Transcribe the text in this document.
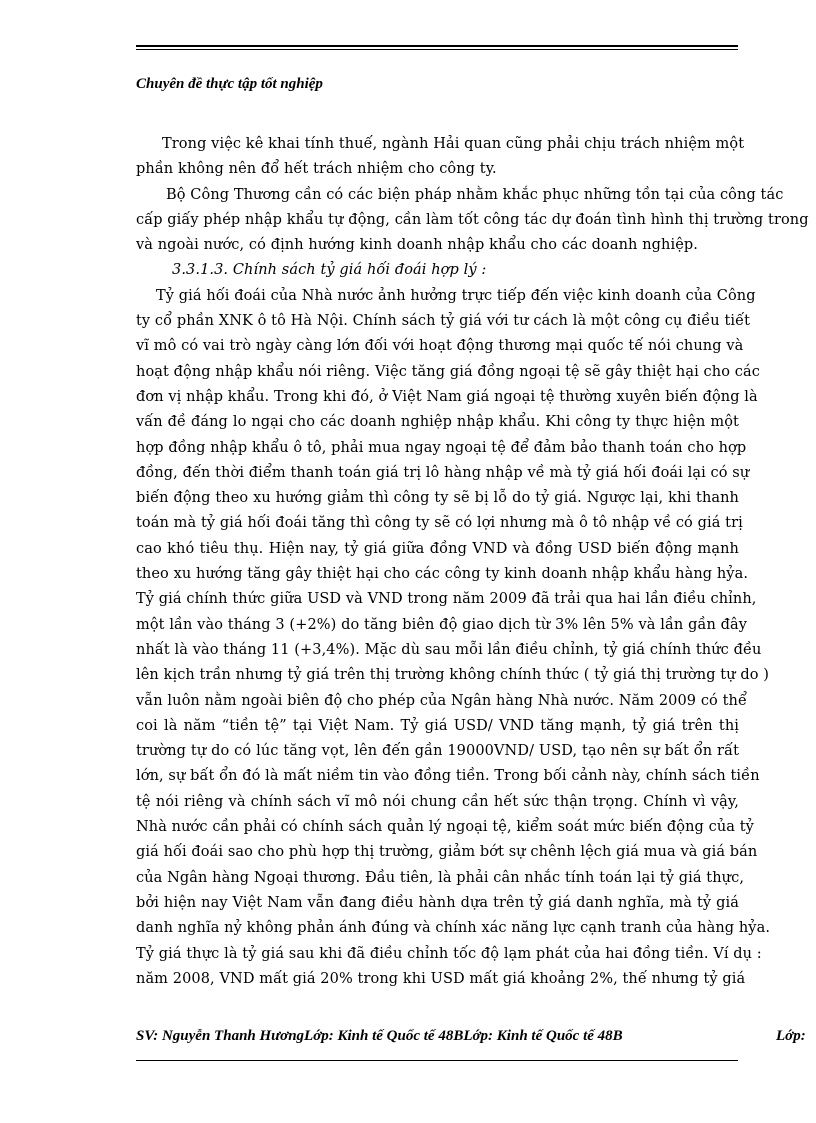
Chuyên đề thực tập tốt nghiệp
Trong việc kê khai tính thuế, ngành Hải quan cũng phải chịu trách nhiệm một
phần không nên đổ hết trách nhiệm cho công ty.
Bộ Công Thương cần có các biện pháp nhằm khắc phục những tồn tại của công tác
cấp giấy phép nhập khẩu tự động, cần làm tốt công tác dự đoán tình hình thị trường trong
và ngoài nước, có định hướng kinh doanh nhập khẩu cho các doanh nghiệp.
3.3.1.3. Chính sách tỷ giá hối đoái hợp lý :
Tỷ giá hối đoái của Nhà nước ảnh hưởng trực tiếp đến việc kinh doanh của Công
ty cổ phần XNK ô tô Hà Nội. Chính sách tỷ giá với tư cách là một công cụ điều tiết
vĩ mô có vai trò ngày càng lớn đối với hoạt động thương mại quốc tế nói chung và
hoạt động nhập khẩu nói riêng. Việc tăng giá đồng ngoại tệ sẽ gây thiệt hại cho các
đơn vị nhập khẩu. Trong khi đó, ở Việt Nam giá ngoại tệ thường xuyên biến động là
vấn đề đáng lo ngại cho các doanh nghiệp nhập khẩu. Khi công ty thực hiện một
hợp đồng nhập khẩu ô tô, phải mua ngay ngoại tệ để đảm bảo thanh toán cho hợp
đồng, đến thời điểm thanh toán giá trị lô hàng nhập về mà tỷ giá hối đoái lại có sự
biến động theo xu hướng giảm thì công ty sẽ bị lỗ do tỷ giá. Ngược lại, khi thanh
toán mà tỷ giá hối đoái tăng thì công ty sẽ có lợi nhưng mà ô tô nhập về có giá trị
cao khó tiêu thụ. Hiện nay, tỷ giá giữa đồng VND và đồng USD biến động mạnh
theo xu hướng tăng gây thiệt hại cho các công ty kinh doanh nhập khẩu hàng hỷa.
Tỷ giá chính thức giữa USD và VND trong năm 2009 đã trải qua hai lần điều chỉnh,
một lần vào tháng 3 (+2%) do tăng biên độ giao dịch từ 3% lên 5% và lần gần đây
nhất là vào tháng 11 (+3,4%). Mặc dù sau mỗi lần điều chỉnh, tỷ giá chính thức đều
lên kịch trần nhưng tỷ giá trên thị trường không chính thức ( tỷ giá thị trường tự do )
vẫn luôn nằm ngoài biên độ cho phép của Ngân hàng Nhà nước. Năm 2009 có thể
coi là năm “tiền tệ” tại Việt Nam. Tỷ giá USD/ VND tăng mạnh, tỷ giá trên thị
trường tự do có lúc tăng vọt, lên đến gần 19000VND/ USD, tạo nên sự bất ổn rất
lớn, sự bất ổn đó là mất niềm tin vào đồng tiền. Trong bối cảnh này, chính sách tiền
tệ nói riêng và chính sách vĩ mô nói chung cần hết sức thận trọng. Chính vì vậy,
Nhà nước cần phải có chính sách quản lý ngoại tệ, kiểm soát mức biến động của tỷ
giá hối đoái sao cho phù hợp thị trường, giảm bớt sự chênh lệch giá mua và giá bán
của Ngân hàng Ngoại thương. Đầu tiên, là phải cân nhắc tính toán lại tỷ giá thực,
bởi hiện nay Việt Nam vẫn đang điều hành dựa trên tỷ giá danh nghĩa, mà tỷ giá
danh nghĩa nỷ không phản ánh đúng và chính xác năng lực cạnh tranh của hàng hỷa.
Tỷ giá thực là tỷ giá sau khi đã điều chỉnh tốc độ lạm phát của hai đồng tiền. Ví dụ :
năm 2008, VND mất giá 20% trong khi USD mất giá khoảng 2%, thế nhưng tỷ giá
SV: Nguyễn Thanh HươngLớp: Kinh tế Quốc tế 48BLớp: Kinh tế Quốc tế 48B	Lớp:
